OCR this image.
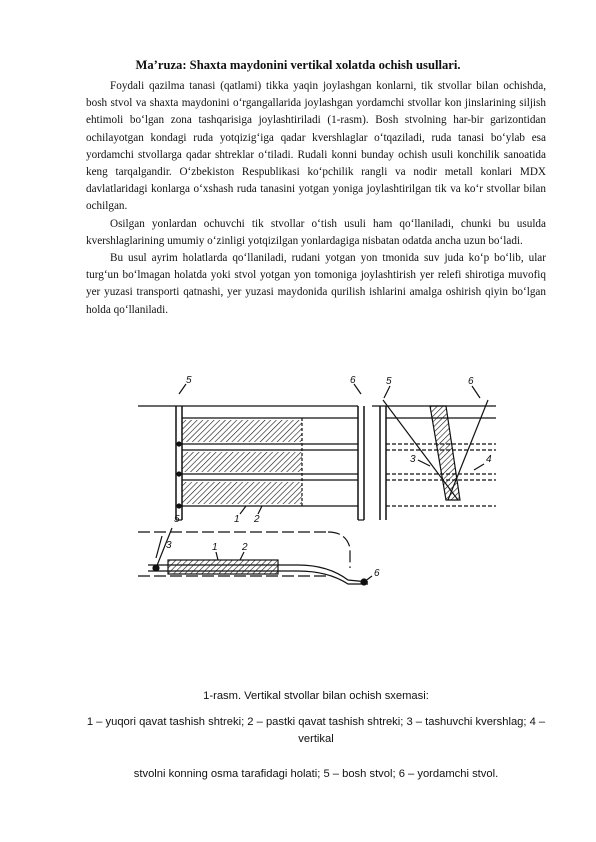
Ma’ruza: Shaxta maydonini vertikal xolatda ochish usullari.

Foydali qazilma tanasi (qatlami) tikka yaqin joylashgan konlarni, tik stvollar bilan ochishda, bosh stvol va shaxta maydonini o‘rgangallarida joylashgan yordamchi stvollar kon jinslarining siljish ehtimoli bo‘lgan zona tashqarisiga joylashtiriladi (1-rasm). Bosh stvolning har-bir garizontidan ochilayotgan kondagi ruda yotqizig‘iga qadar kvershlaglar o‘tqaziladi, ruda tanasi bo‘ylab esa yordamchi stvollarga qadar shtreklar o‘tiladi. Rudali konni bunday ochish usuli konchilik sanoatida keng tarqalgandir. O‘zbekiston Respublikasi ko‘pchilik rangli va nodir metall konlari MDX davlatlaridagi konlarga o‘xshash ruda tanasini yotgan yoniga joylashtirilgan tik va ko‘r stvollar bilan ochilgan.

Osilgan yonlardan ochuvchi tik stvollar o‘tish usuli ham qo‘llaniladi, chunki bu usulda kvershlaglarining umumiy o‘zinligi yotqizilgan yonlardagiga nisbatan odatda ancha uzun bo‘ladi.

Bu usul ayrim holatlarda qo‘llaniladi, rudani yotgan yon tmonida suv juda ko‘p bo‘lib, ular turg‘un bo‘lmagan holatda yoki stvol yotgan yon tomoniga joylashtirish yer relefi shirotiga muvofiq yer yuzasi transporti qatnashi, yer yuzasi maydonida qurilish ishlarini amalga oshirish qiyin bo‘lgan holda qo‘llaniladi.

5	6
1 2
5	6
3	4
5
3
6
1 2
1-rasm. Vertikal stvollar bilan ochish sxemasi:
1 – yuqori qavat tashish shtreki; 2 – pastki qavat tashish shtreki; 3 – tashuvchi kvershlag; 4 – vertikal
stvolni konning osma tarafidagi holati; 5 – bosh stvol; 6 – yordamchi stvol.
